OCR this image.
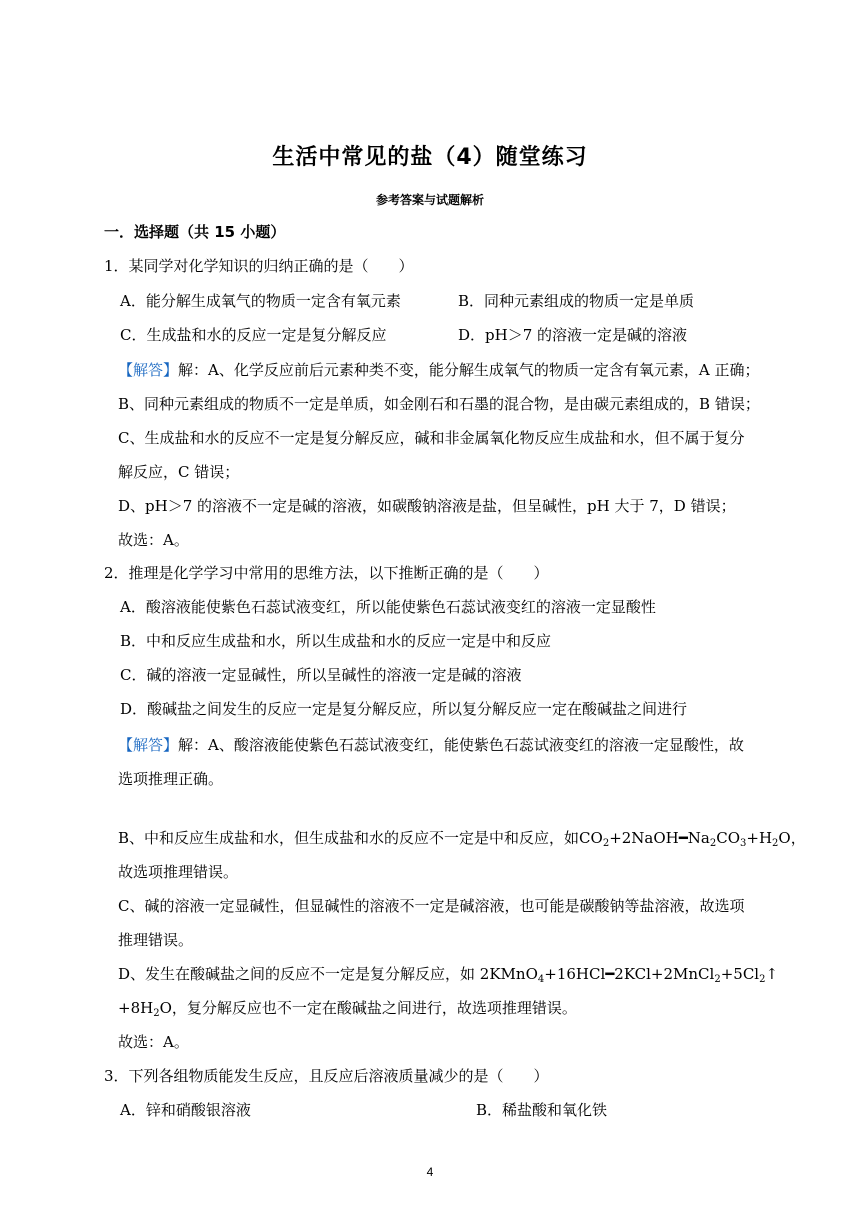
生活中常见的盐（4）随堂练习
参考答案与试题解析
一．选择题（共 15 小题）
1．某同学对化学知识的归纳正确的是（　　）
A．能分解生成氧气的物质一定含有氧元素	B．同种元素组成的物质一定是单质
C．生成盐和水的反应一定是复分解反应	D．pH＞7 的溶液一定是碱的溶液
【解答】解：A、化学反应前后元素种类不变，能分解生成氧气的物质一定含有氧元素，A 正确；
B、同种元素组成的物质不一定是单质，如金刚石和石墨的混合物，是由碳元素组成的，B 错误；
C、生成盐和水的反应不一定是复分解反应，碱和非金属氧化物反应生成盐和水，但不属于复分
解反应，C 错误；
D、pH＞7 的溶液不一定是碱的溶液，如碳酸钠溶液是盐，但呈碱性，pH 大于 7，D 错误；
故选：A。
2．推理是化学学习中常用的思维方法，以下推断正确的是（　　）
A．酸溶液能使紫色石蕊试液变红，所以能使紫色石蕊试液变红的溶液一定显酸性
B．中和反应生成盐和水，所以生成盐和水的反应一定是中和反应
C．碱的溶液一定显碱性，所以呈碱性的溶液一定是碱的溶液
D．酸碱盐之间发生的反应一定是复分解反应，所以复分解反应一定在酸碱盐之间进行
【解答】解：A、酸溶液能使紫色石蕊试液变红，能使紫色石蕊试液变红的溶液一定显酸性，故
选项推理正确。
B、中和反应生成盐和水，但生成盐和水的反应不一定是中和反应，如$CO_2+2NaOH━Na_2CO_3+H_2O$，
故选项推理错误。
C、碱的溶液一定显碱性，但显碱性的溶液不一定是碱溶液，也可能是碳酸钠等盐溶液，故选项
推理错误。
D、发生在酸碱盐之间的反应不一定是复分解反应，如 $2KMnO_4+16HCl━2KCl+2MnCl_2+5Cl_2↑$
$+8H_2O$，复分解反应也不一定在酸碱盐之间进行，故选项推理错误。
故选：A。
3．下列各组物质能发生反应，且反应后溶液质量减少的是（　　）
A．锌和硝酸银溶液	B．稀盐酸和氧化铁
4
